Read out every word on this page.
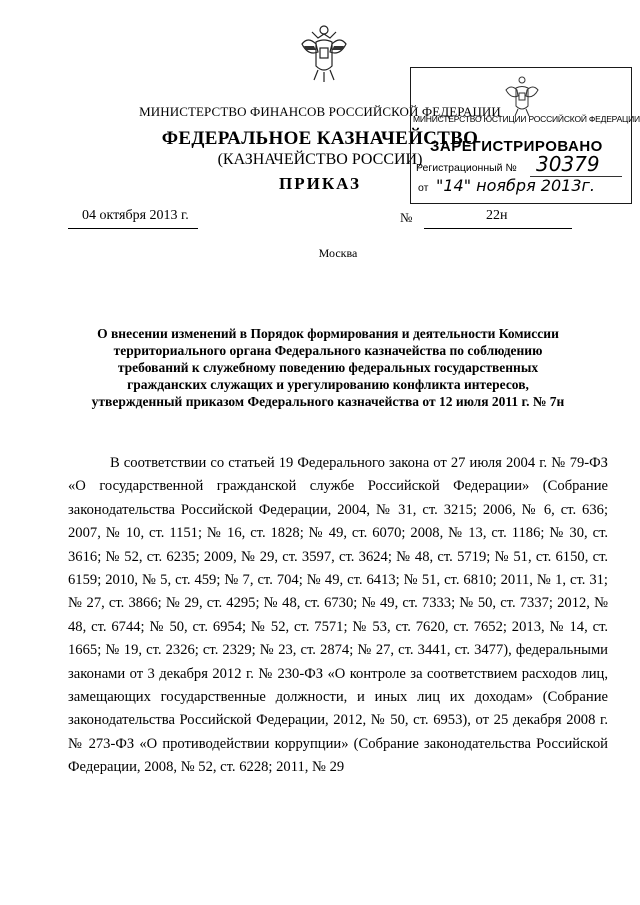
МИНИСТЕРСТВО ФИНАНСОВ РОССИЙСКОЙ ФЕДЕРАЦИИ
ФЕДЕРАЛЬНОЕ КАЗНАЧЕЙСТВО
(КАЗНАЧЕЙСТВО РОССИИ)
ПРИКАЗ
04 октября 2013 г.	№	22н
Москва
МИНИСТЕРСТВО ЮСТИЦИИ РОССИЙСКОЙ ФЕДЕРАЦИИ
ЗАРЕГИСТРИРОВАНО
Регистрационный № 30379
от "14" ноября 2013г.
О внесении изменений в Порядок формирования и деятельности Комиссии территориального органа Федерального казначейства по соблюдению требований к служебному поведению федеральных государственных гражданских служащих и урегулированию конфликта интересов, утвержденный приказом Федерального казначейства от 12 июля 2011 г. № 7н

В соответствии со статьей 19 Федерального закона от 27 июля 2004 г. № 79-ФЗ «О государственной гражданской службе Российской Федерации» (Собрание законодательства Российской Федерации, 2004, № 31, ст. 3215; 2006, № 6, ст. 636; 2007, № 10, ст. 1151; № 16, ст. 1828; № 49, ст. 6070; 2008, № 13, ст. 1186; № 30, ст. 3616; № 52, ст. 6235; 2009, № 29, ст. 3597, ст. 3624; № 48, ст. 5719; № 51, ст. 6150, ст. 6159; 2010, № 5, ст. 459; № 7, ст. 704; № 49, ст. 6413; № 51, ст. 6810; 2011, № 1, ст. 31; № 27, ст. 3866; № 29, ст. 4295; № 48, ст. 6730; № 49, ст. 7333; № 50, ст. 7337; 2012, № 48, ст. 6744; № 50, ст. 6954; № 52, ст. 7571; № 53, ст. 7620, ст. 7652; 2013, № 14, ст. 1665; № 19, ст. 2326; ст. 2329; № 23, ст. 2874; № 27, ст. 3441, ст. 3477), федеральными законами от 3 декабря 2012 г. № 230-ФЗ «О контроле за соответствием расходов лиц, замещающих государственные должности, и иных лиц их доходам» (Собрание законодательства Российской Федерации, 2012, № 50, ст. 6953), от 25 декабря 2008 г. № 273-ФЗ «О противодействии коррупции» (Собрание законодательства Российской Федерации, 2008, № 52, ст. 6228; 2011, № 29
